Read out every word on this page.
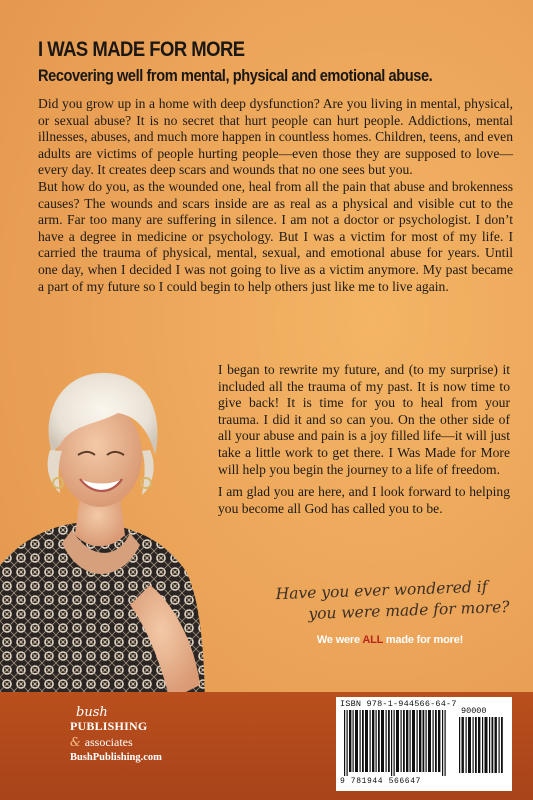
I WAS MADE FOR MORE
Recovering well from mental, physical and emotional abuse.

Did you grow up in a home with deep dysfunction? Are you living in mental, physical, or sexual abuse? It is no secret that hurt people can hurt people. Addictions, mental illnesses, abuses, and much more happen in countless homes. Children, teens, and even adults are victims of people hurting people—even those they are supposed to love—every day. It creates deep scars and wounds that no one sees but you.

But how do you, as the wounded one, heal from all the pain that abuse and brokenness causes? The wounds and scars inside are as real as a physical and visible cut to the arm. Far too many are suffering in silence. I am not a doctor or psychologist. I don’t have a degree in medicine or psychology. But I was a victim for most of my life. I carried the trauma of physical, mental, sexual, and emotional abuse for years. Until one day, when I decided I was not going to live as a victim anymore. My past became a part of my future so I could begin to help others just like me to live again.

I began to rewrite my future, and (to my surprise) it included all the trauma of my past. It is now time to give back! It is time for you to heal from your trauma. I did it and so can you. On the other side of all your abuse and pain is a joy filled life—it will just take a little work to get there. I Was Made for More will help you begin the journey to a life of freedom.

I am glad you are here, and I look forward to helping you become all God has called you to be.

Have you ever wondered if
you were made for more?
We were ALL made for more!
bush
PUBLISHING
& associates
BushPublishing.com
ISBN 978-1-944566-64-7
9 781944 566647
90000
